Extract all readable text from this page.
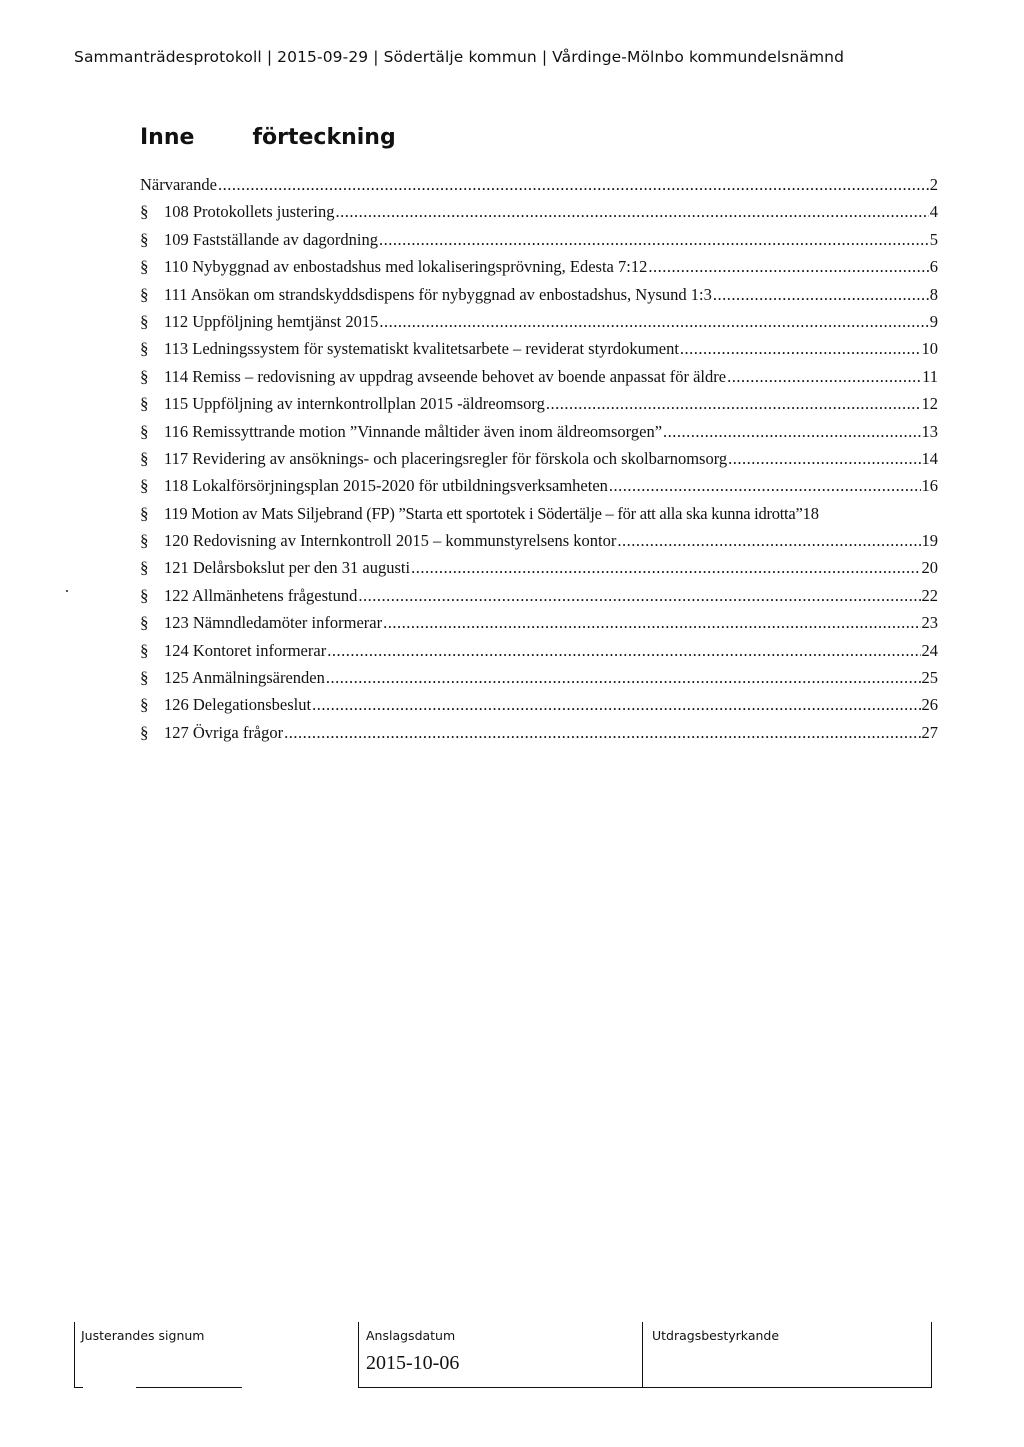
Sammanträdesprotokoll | 2015-09-29 | Södertälje kommun | Vårdinge-Mölnbo kommundelsnämnd
Inne	förteckning
Närvarande .....	2
§ 108 Protokollets justering .....	4
§ 109 Fastställande av dagordning .....	5
§ 110 Nybyggnad av enbostadshus med lokaliseringsprövning, Edesta 7:12 .....	6
§ 111 Ansökan om strandskyddsdispens för nybyggnad av enbostadshus, Nysund 1:3 .....	8
§ 112 Uppföljning hemtjänst 2015 .....	9
§ 113 Ledningssystem för systematiskt kvalitetsarbete – reviderat styrdokument .....	10
§ 114 Remiss – redovisning av uppdrag avseende behovet av boende anpassat för äldre .....	11
§ 115 Uppföljning av internkontrollplan 2015 -äldreomsorg .....	12
§ 116 Remissyttrande motion ”Vinnande måltider även inom äldreomsorgen” .....	13
§ 117 Revidering av ansöknings- och placeringsregler för förskola och skolbarnomsorg .....	14
§ 118 Lokalförsörjningsplan 2015-2020 för utbildningsverksamheten .....	16
§ 119 Motion av Mats Siljebrand (FP) ”Starta ett sportotek i Södertälje – för att alla ska kunna idrotta” 18
§ 120 Redovisning av Internkontroll 2015 – kommunstyrelsens kontor .....	19
§ 121 Delårsbokslut per den 31 augusti .....	20
§ 122 Allmänhetens frågestund .....	22
§ 123 Nämndledamöter informerar .....	23
§ 124 Kontoret informerar .....	24
§ 125 Anmälningsärenden .....	25
§ 126 Delegationsbeslut .....	26
§ 127 Övriga frågor .....	27
Justerandes signum	Anslagsdatum
2015-10-06
Utdragsbestyrkande
